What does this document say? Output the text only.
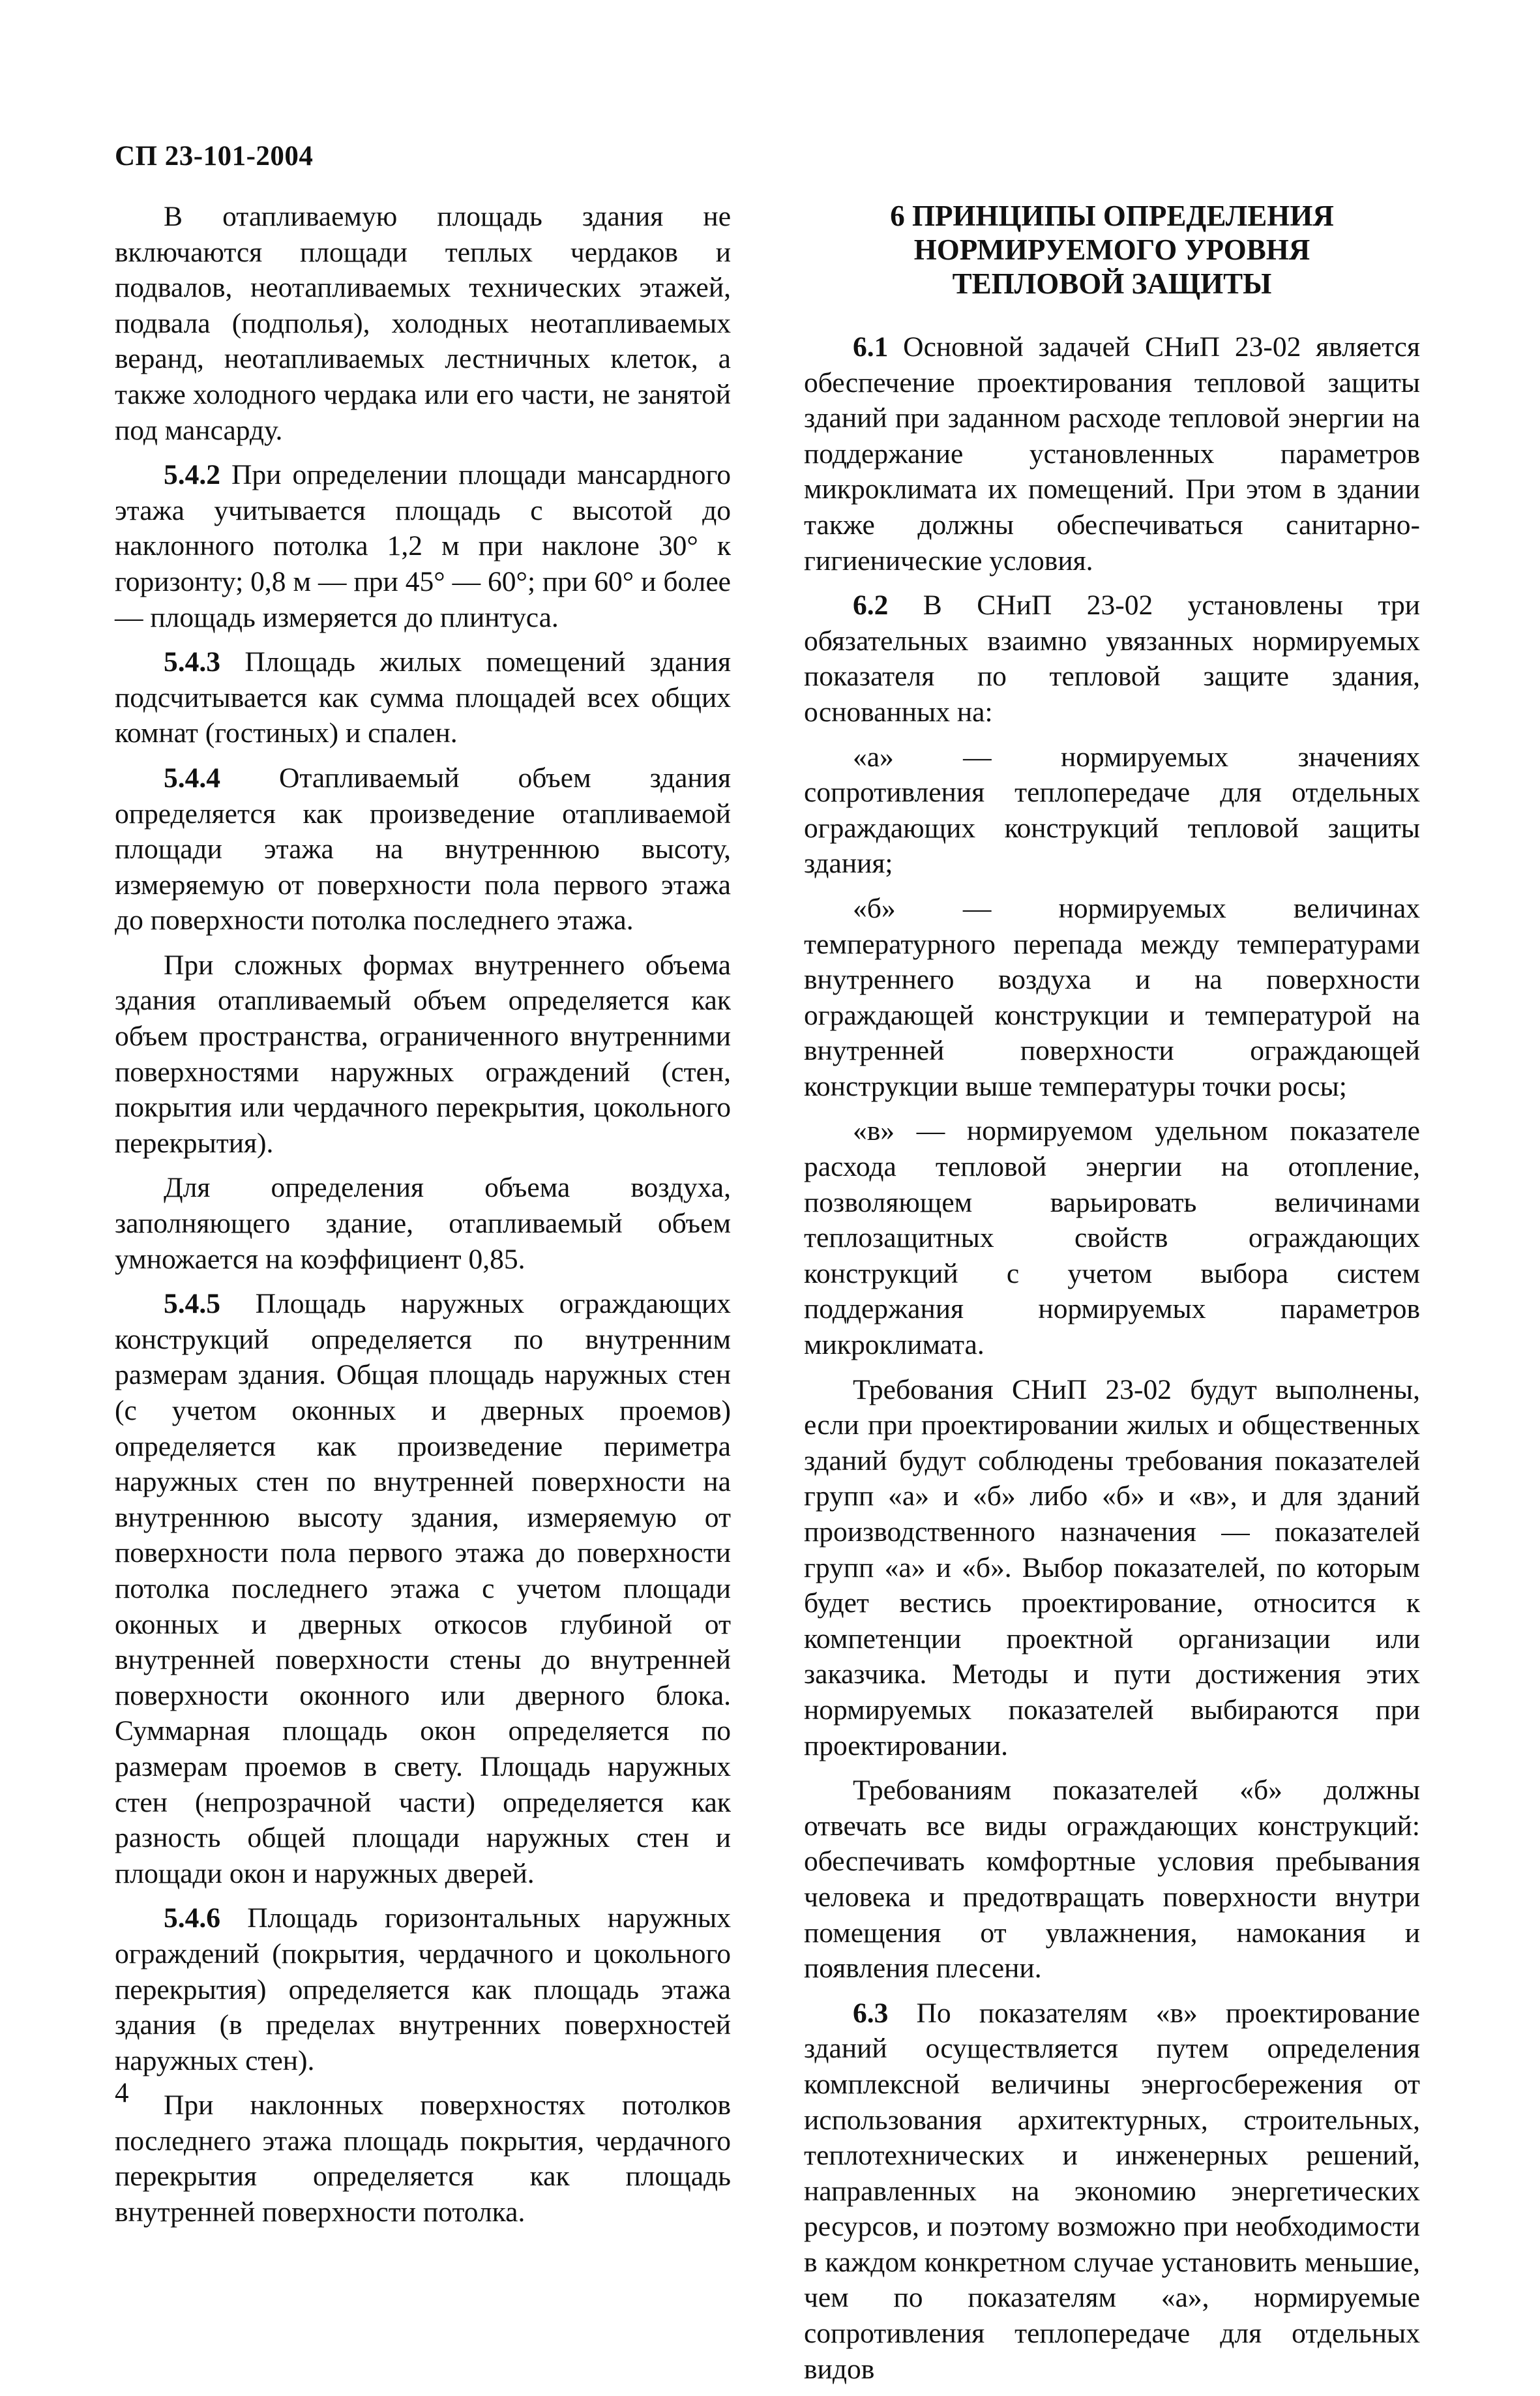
СП 23-101-2004

В отапливаемую площадь здания не включаются площади теплых чердаков и подвалов, неотапливаемых технических этажей, подвала (подполья), холодных неотапливаемых веранд, неотапливаемых лестничных клеток, а также холодного чердака или его части, не занятой под мансарду.

5.4.2 При определении площади мансардного этажа учитывается площадь с высотой до наклонного потолка 1,2 м при наклоне 30° к горизонту; 0,8 м — при 45° — 60°; при 60° и более — площадь измеряется до плинтуса.

5.4.3 Площадь жилых помещений здания подсчитывается как сумма площадей всех общих комнат (гостиных) и спален.

5.4.4 Отапливаемый объем здания определяется как произведение отапливаемой площади этажа на внутреннюю высоту, измеряемую от поверхности пола первого этажа до поверхности потолка последнего этажа.

При сложных формах внутреннего объема здания отапливаемый объем определяется как объем пространства, ограниченного внутренними поверхностями наружных ограждений (стен, покрытия или чердачного перекрытия, цокольного перекрытия).

Для определения объема воздуха, заполняющего здание, отапливаемый объем умножается на коэффициент 0,85.

5.4.5 Площадь наружных ограждающих конструкций определяется по внутренним размерам здания. Общая площадь наружных стен (с учетом оконных и дверных проемов) определяется как произведение периметра наружных стен по внутренней поверхности на внутреннюю высоту здания, измеряемую от поверхности пола первого этажа до поверхности потолка последнего этажа с учетом площади оконных и дверных откосов глубиной от внутренней поверхности стены до внутренней поверхности оконного или дверного блока. Суммарная площадь окон определяется по размерам проемов в свету. Площадь наружных стен (непрозрачной части) определяется как разность общей площади наружных стен и площади окон и наружных дверей.

5.4.6 Площадь горизонтальных наружных ограждений (покрытия, чердачного и цокольного перекрытия) определяется как площадь этажа здания (в пределах внутренних поверхностей наружных стен).

При наклонных поверхностях потолков последнего этажа площадь покрытия, чердачного перекрытия определяется как площадь внутренней поверхности потолка.

6 ПРИНЦИПЫ ОПРЕДЕЛЕНИЯ
НОРМИРУЕМОГО УРОВНЯ
ТЕПЛОВОЙ ЗАЩИТЫ

6.1 Основной задачей СНиП 23-02 является обеспечение проектирования тепловой защиты зданий при заданном расходе тепловой энергии на поддержание установленных параметров микроклимата их помещений. При этом в здании также должны обеспечиваться санитарно-гигиенические условия.

6.2 В СНиП 23-02 установлены три обязательных взаимно увязанных нормируемых показателя по тепловой защите здания, основанных на:

«а» — нормируемых значениях сопротивления теплопередаче для отдельных ограждающих конструкций тепловой защиты здания;

«б» — нормируемых величинах температурного перепада между температурами внутреннего воздуха и на поверхности ограждающей конструкции и температурой на внутренней поверхности ограждающей конструкции выше температуры точки росы;

«в» — нормируемом удельном показателе расхода тепловой энергии на отопление, позволяющем варьировать величинами теплозащитных свойств ограждающих конструкций с учетом выбора систем поддержания нормируемых параметров микроклимата.

Требования СНиП 23-02 будут выполнены, если при проектировании жилых и общественных зданий будут соблюдены требования показателей групп «а» и «б» либо «б» и «в», и для зданий производственного назначения — показателей групп «а» и «б». Выбор показателей, по которым будет вестись проектирование, относится к компетенции проектной организации или заказчика. Методы и пути достижения этих нормируемых показателей выбираются при проектировании.

Требованиям показателей «б» должны отвечать все виды ограждающих конструкций: обеспечивать комфортные условия пребывания человека и предотвращать поверхности внутри помещения от увлажнения, намокания и появления плесени.

6.3 По показателям «в» проектирование зданий осуществляется путем определения комплексной величины энергосбережения от использования архитектурных, строительных, теплотехнических и инженерных решений, направленных на экономию энергетических ресурсов, и поэтому возможно при необходимости в каждом конкретном случае установить меньшие, чем по показателям «а», нормируемые сопротивления теплопередаче для отдельных видов

4
